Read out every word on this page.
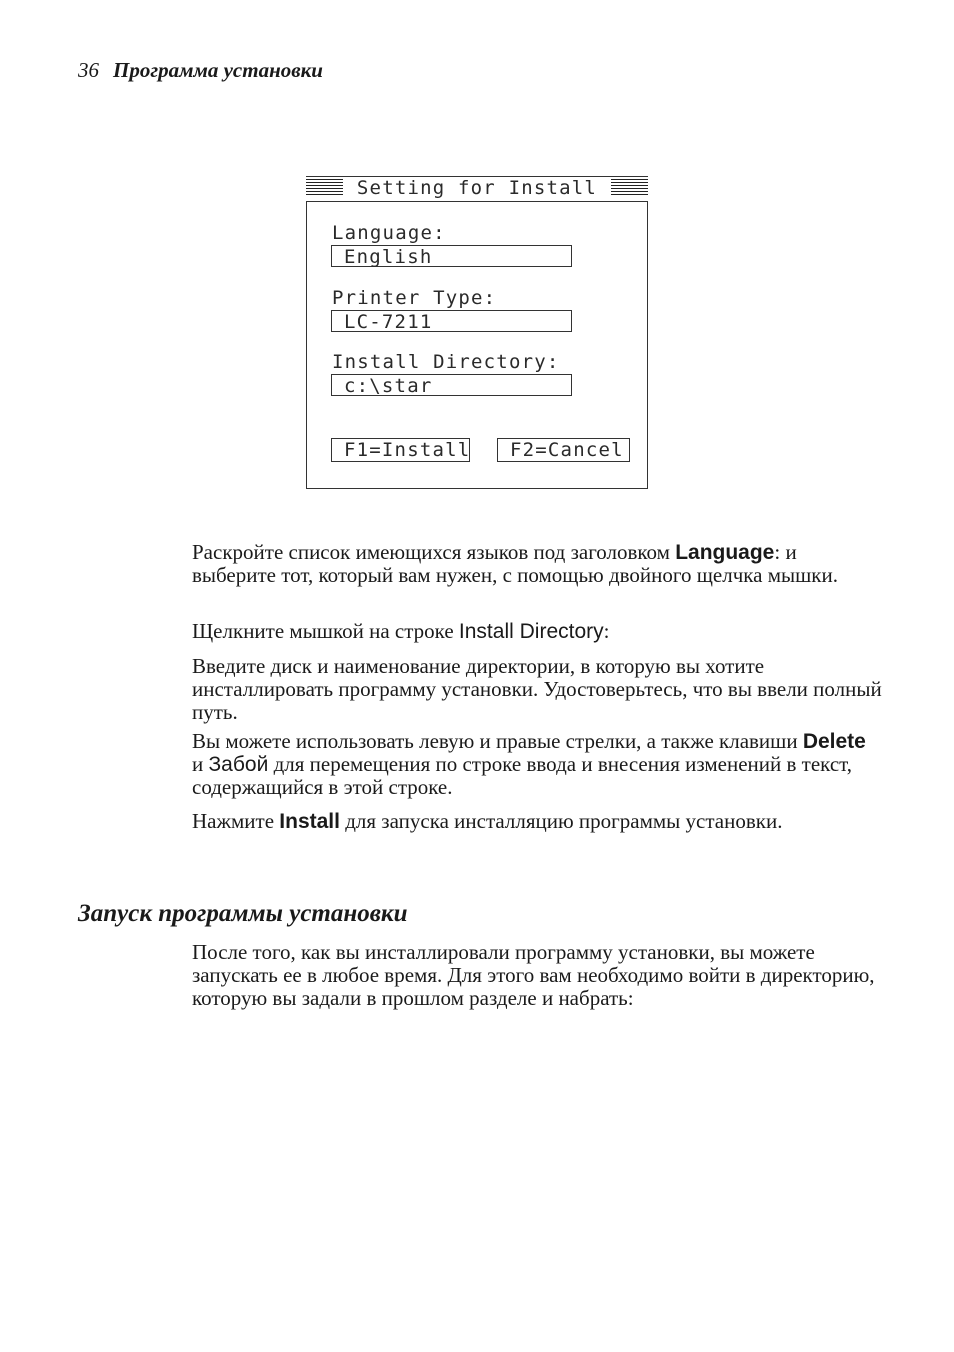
36 Программа установки
Setting for Install
Language:
English
Printer Type:
LC-7211
Install Directory:
c:\star
F1=Install	F2=Cancel

Раскройте список имеющихся языков под заголовком Language: и выберите тот, который вам нужен, с помощью двойного щелчка мышки.

Щелкните мышкой на строке Install Directory:

Введите диск и наименование директории, в которую вы хотите инсталлировать программу установки. Удостоверьтесь, что вы ввели полный путь.

Вы можете использовать левую и правые стрелки, а также клавиши Delete и Забой для перемещения по строке ввода и внесения изменений в текст, содержащийся в этой строке.

Нажмите Install для запуска инсталляцию программы установки.

Запуск программы установки

После того, как вы инсталлировали программу установки, вы можете запускать ее в любое время. Для этого вам необходимо войти в директорию, которую вы задали в прошлом разделе и набрать:
